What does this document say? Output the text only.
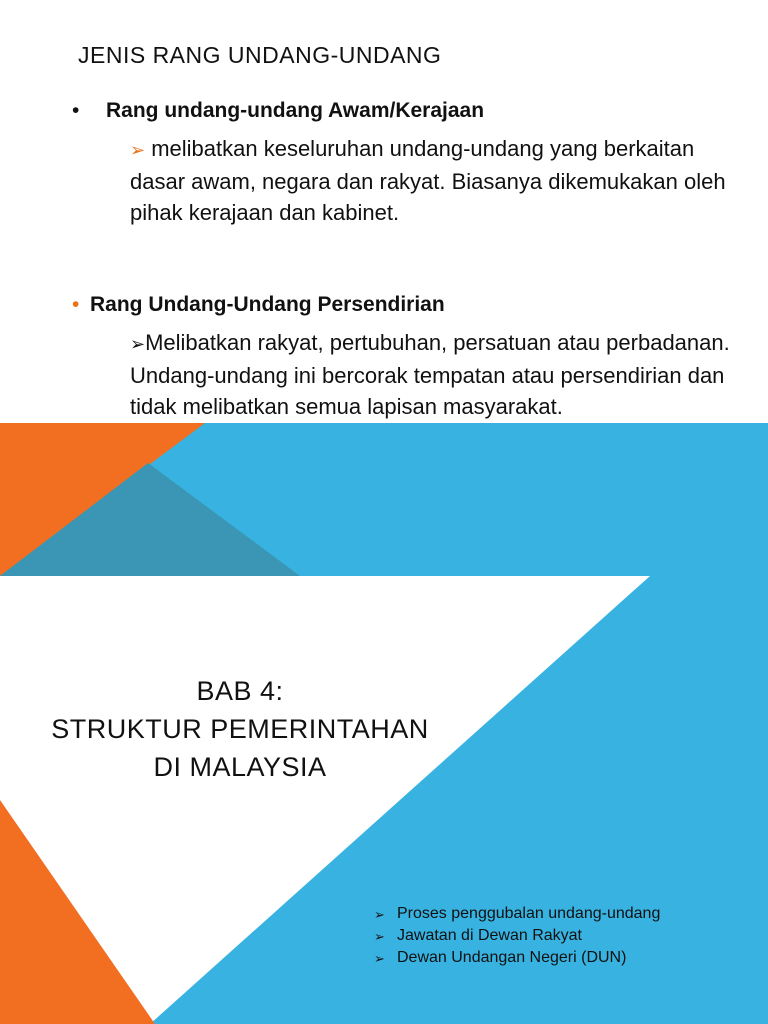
JENIS RANG UNDANG-UNDANG
•	Rang undang-undang Awam/Kerajaan

➢ melibatkan keseluruhan undang-undang yang berkaitan dasar awam, negara dan rakyat. Biasanya dikemukakan oleh pihak kerajaan dan kabinet.

• Rang Undang-Undang Persendirian

➢Melibatkan rakyat, pertubuhan, persatuan atau perbadanan. Undang-undang ini bercorak tempatan atau persendirian dan tidak melibatkan semua lapisan masyarakat.

BAB 4:
STRUKTUR PEMERINTAHAN
DI MALAYSIA
➢ Proses penggubalan undang-undang
➢ Jawatan di Dewan Rakyat
➢ Dewan Undangan Negeri (DUN)
